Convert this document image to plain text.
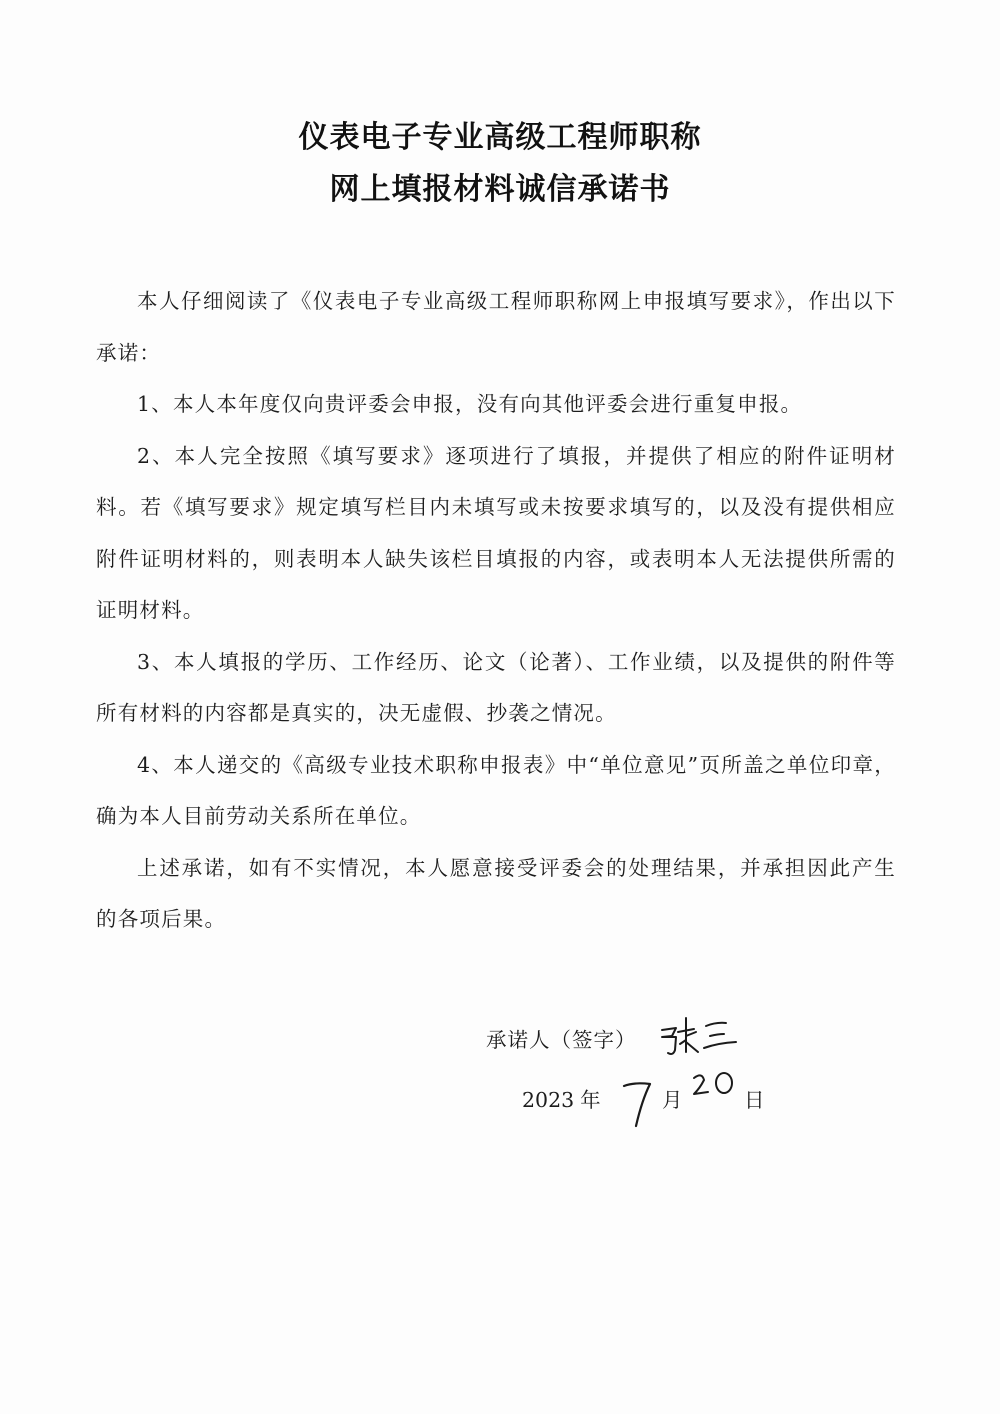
仪表电子专业高级工程师职称
网上填报材料诚信承诺书

本人仔细阅读了《仪表电子专业高级工程师职称网上申报填写要求》，作出以下承诺：

1、本人本年度仅向贵评委会申报，没有向其他评委会进行重复申报。

2、本人完全按照《填写要求》逐项进行了填报，并提供了相应的附件证明材料。若《填写要求》规定填写栏目内未填写或未按要求填写的，以及没有提供相应附件证明材料的，则表明本人缺失该栏目填报的内容，或表明本人无法提供所需的证明材料。

3、本人填报的学历、工作经历、论文（论著）、工作业绩，以及提供的附件等所有材料的内容都是真实的，决无虚假、抄袭之情况。

4、本人递交的《高级专业技术职称申报表》中“单位意见”页所盖之单位印章，确为本人目前劳动关系所在单位。

上述承诺，如有不实情况，本人愿意接受评委会的处理结果，并承担因此产生的各项后果。

承诺人（签字）
2023 年	月	日
